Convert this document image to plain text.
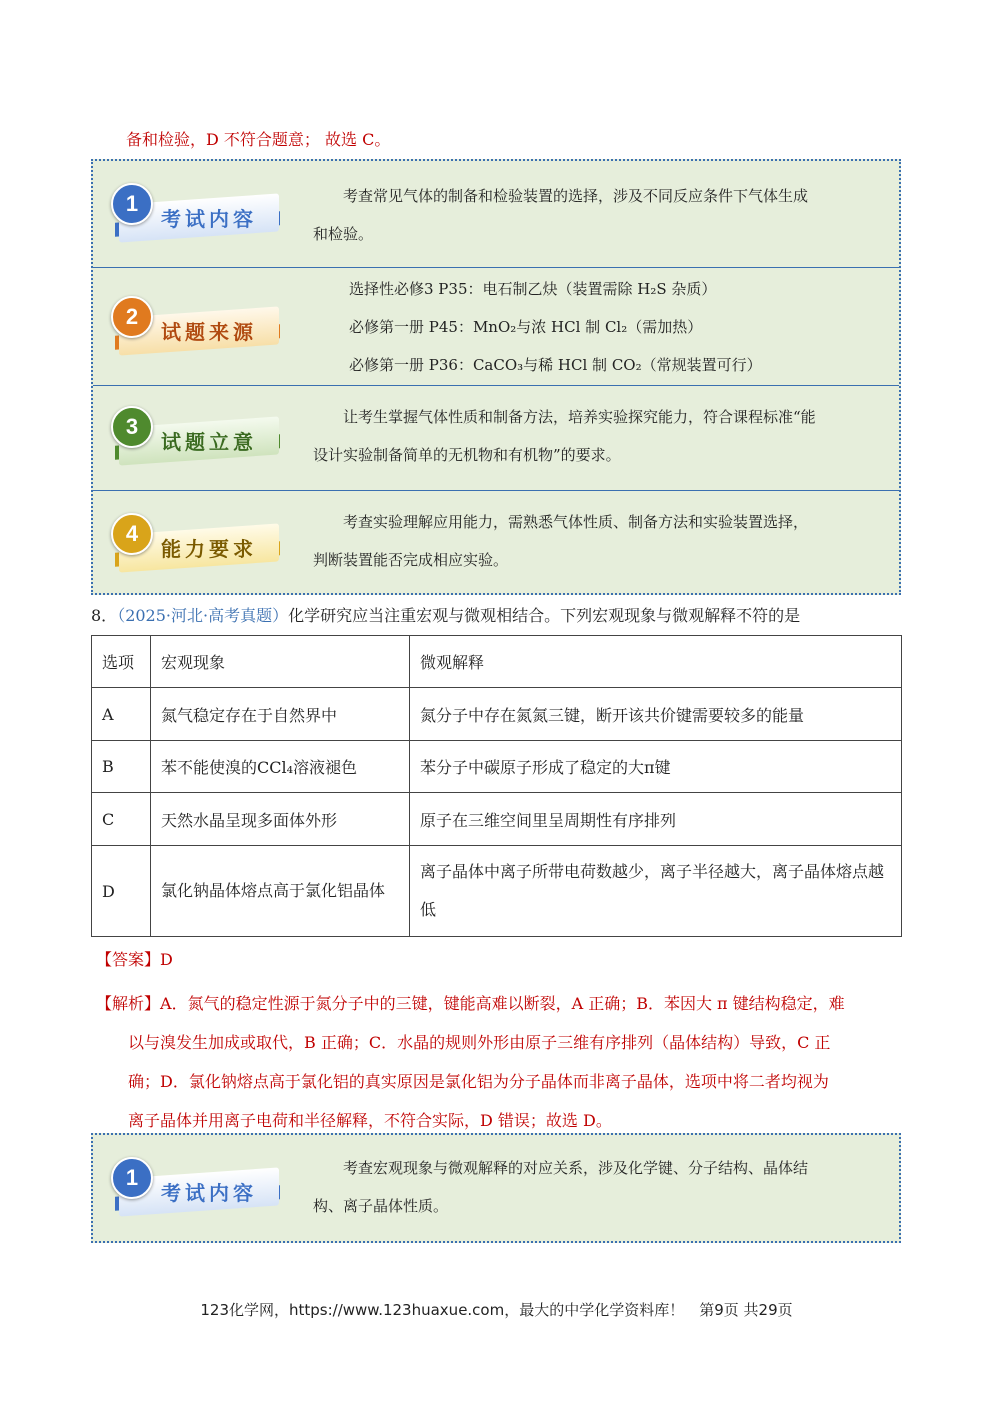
备和检验，D 不符合题意； 故选 C。
1
考试内容
考查常见气体的制备和检验装置的选择，涉及不同反应条件下气体生成
和检验。
2
试题来源
选择性必修3 P35：电石制乙炔（装置需除 H₂S 杂质）
必修第一册 P45：MnO₂与浓 HCl 制 Cl₂（需加热）
必修第一册 P36：CaCO₃与稀 HCl 制 CO₂（常规装置可行）
3
试题立意
让考生掌握气体性质和制备方法，培养实验探究能力，符合课程标准“能
设计实验制备简单的无机物和有机物”的要求。
4
能力要求
考查实验理解应用能力，需熟悉气体性质、制备方法和实验装置选择，
判断装置能否完成相应实验。
8．（2025·河北·高考真题）化学研究应当注重宏观与微观相结合。下列宏观现象与微观解释不符的是
选项	宏观现象	微观解释
A	氮气稳定存在于自然界中	氮分子中存在氮氮三键，断开该共价键需要较多的能量
B	苯不能使溴的CCl₄溶液褪色	苯分子中碳原子形成了稳定的大π键
C	天然水晶呈现多面体外形	原子在三维空间里呈周期性有序排列
D	氯化钠晶体熔点高于氯化铝晶体	离子晶体中离子所带电荷数越少，离子半径越大，离子晶体熔点越低
【答案】D
【解析】A．氮气的稳定性源于氮分子中的三键，键能高难以断裂，A 正确；B．苯因大 π 键结构稳定，难
以与溴发生加成或取代，B 正确；C．水晶的规则外形由原子三维有序排列（晶体结构）导致，C 正
确；D．氯化钠熔点高于氯化铝的真实原因是氯化铝为分子晶体而非离子晶体，选项中将二者均视为
离子晶体并用离子电荷和半径解释，不符合实际，D 错误；故选 D。
1
考试内容
考查宏观现象与微观解释的对应关系，涉及化学键、分子结构、晶体结
构、离子晶体性质。
123化学网，https://www.123huaxue.com，最大的中学化学资料库！　第9页 共29页
